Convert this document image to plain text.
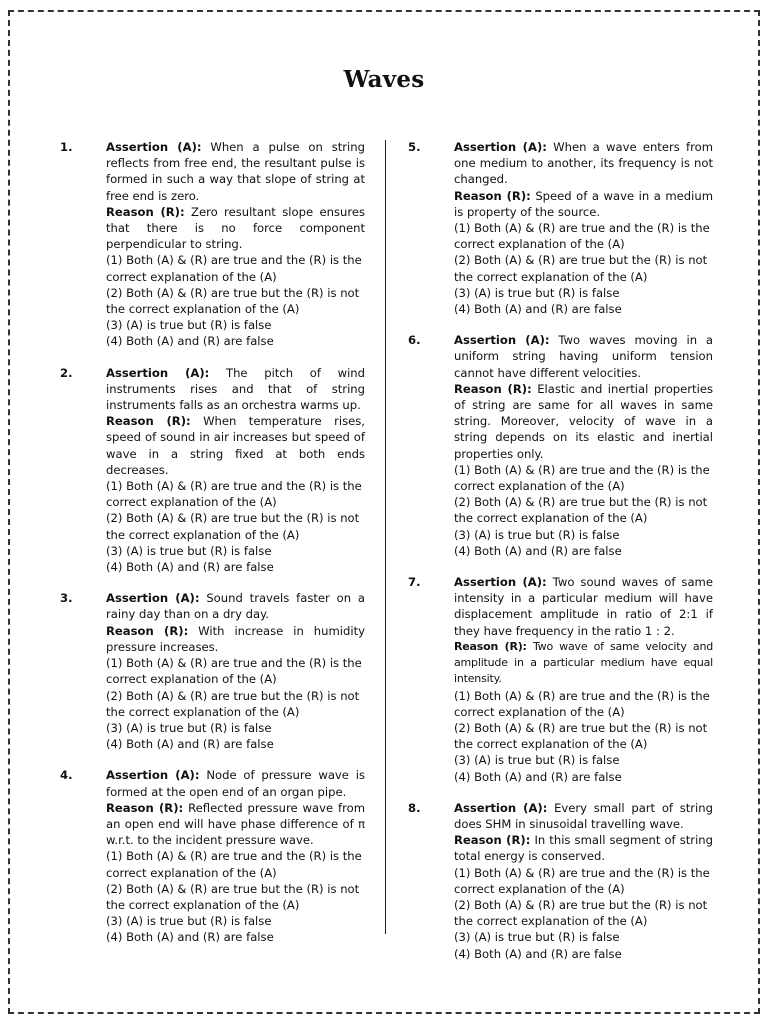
Waves
1.	Assertion (A): When a pulse on string reflects from free end, the resultant pulse is formed in such a way that slope of string at free end is zero.

Reason (R): Zero resultant slope ensures that there is no force component perpendicular to string.

(1) Both (A) & (R) are true and the (R) is the correct explanation of the (A)

(2) Both (A) & (R) are true but the (R) is not the correct explanation of the (A)

(3) (A) is true but (R) is false

(4) Both (A) and (R) are false

2.	Assertion (A): The pitch of wind instruments rises and that of string instruments falls as an orchestra warms up.

Reason (R): When temperature rises, speed of sound in air increases but speed of wave in a string fixed at both ends decreases.

(1) Both (A) & (R) are true and the (R) is the correct explanation of the (A)

(2) Both (A) & (R) are true but the (R) is not the correct explanation of the (A)

(3) (A) is true but (R) is false

(4) Both (A) and (R) are false

3.	Assertion (A): Sound travels faster on a rainy day than on a dry day.

Reason (R): With increase in humidity pressure increases.

(1) Both (A) & (R) are true and the (R) is the correct explanation of the (A)

(2) Both (A) & (R) are true but the (R) is not the correct explanation of the (A)

(3) (A) is true but (R) is false

(4) Both (A) and (R) are false

4.	Assertion (A): Node of pressure wave is formed at the open end of an organ pipe.

Reason (R): Reflected pressure wave from an open end will have phase difference of π w.r.t. to the incident pressure wave.

(1) Both (A) & (R) are true and the (R) is the correct explanation of the (A)

(2) Both (A) & (R) are true but the (R) is not the correct explanation of the (A)

(3) (A) is true but (R) is false

(4) Both (A) and (R) are false

5.	Assertion (A): When a wave enters from one medium to another, its frequency is not changed.

Reason (R): Speed of a wave in a medium is property of the source.

(1) Both (A) & (R) are true and the (R) is the correct explanation of the (A)

(2) Both (A) & (R) are true but the (R) is not the correct explanation of the (A)

(3) (A) is true but (R) is false

(4) Both (A) and (R) are false

6.	Assertion (A): Two waves moving in a uniform string having uniform tension cannot have different velocities.

Reason (R): Elastic and inertial properties of string are same for all waves in same string. Moreover, velocity of wave in a string depends on its elastic and inertial properties only.

(1) Both (A) & (R) are true and the (R) is the correct explanation of the (A)

(2) Both (A) & (R) are true but the (R) is not the correct explanation of the (A)

(3) (A) is true but (R) is false

(4) Both (A) and (R) are false

7.	Assertion (A): Two sound waves of same intensity in a particular medium will have displacement amplitude in ratio of 2:1 if they have frequency in the ratio 1 : 2.

Reason (R): Two wave of same velocity and amplitude in a particular medium have equal intensity.

(1) Both (A) & (R) are true and the (R) is the correct explanation of the (A)

(2) Both (A) & (R) are true but the (R) is not the correct explanation of the (A)

(3) (A) is true but (R) is false

(4) Both (A) and (R) are false

8.	Assertion (A): Every small part of string does SHM in sinusoidal travelling wave.

Reason (R): In this small segment of string total energy is conserved.

(1) Both (A) & (R) are true and the (R) is the correct explanation of the (A)

(2) Both (A) & (R) are true but the (R) is not the correct explanation of the (A)

(3) (A) is true but (R) is false

(4) Both (A) and (R) are false
